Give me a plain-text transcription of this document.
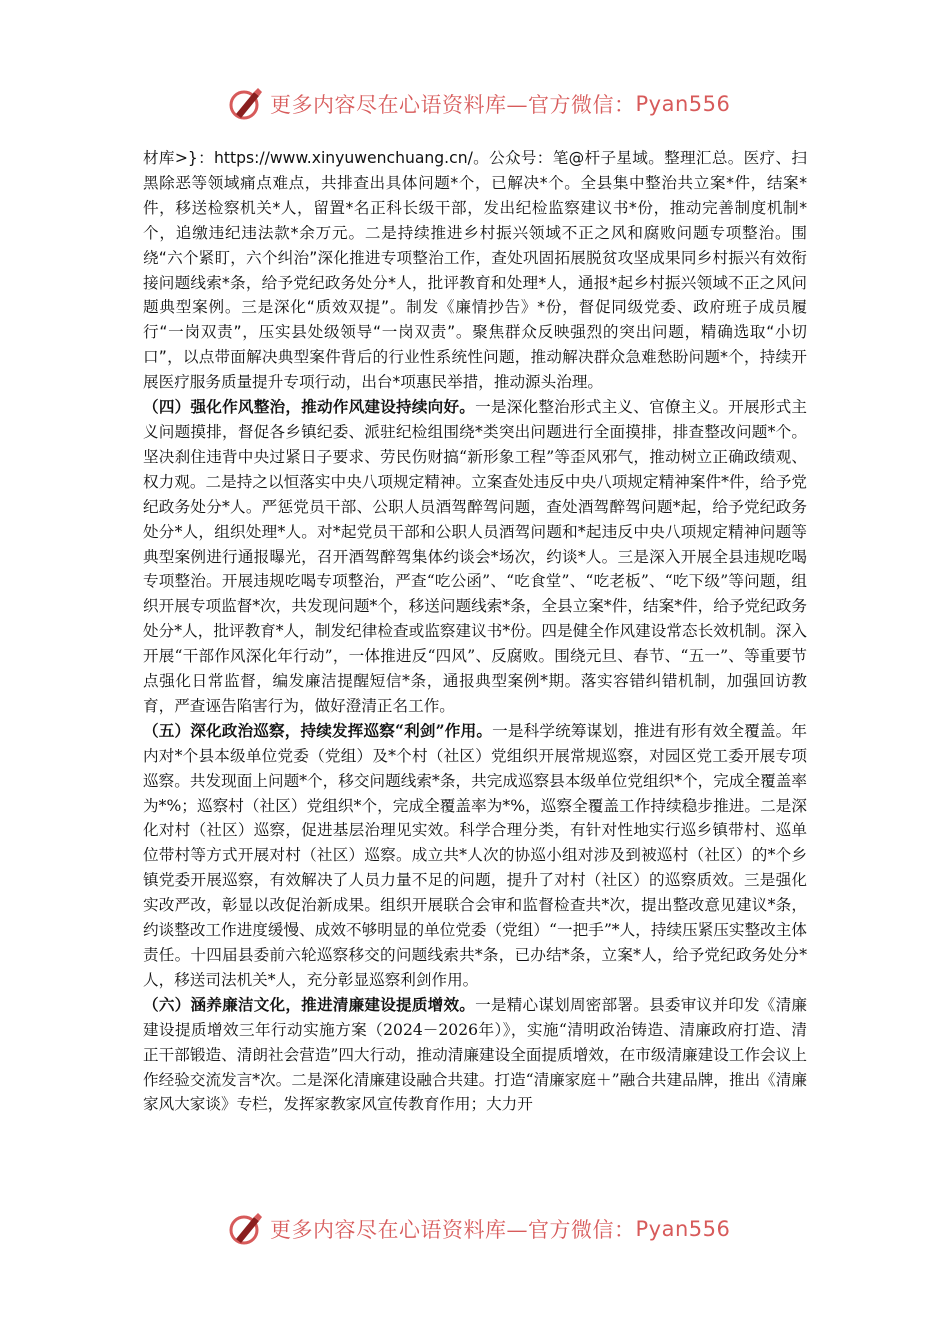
更多内容尽在心语资料库—官方微信： Pyan556

材库>}：https://www.xinyuwenchuang.cn/。公众号：笔@杆子星域。整理汇总。医疗、扫黑除恶等领域痛点难点，共排查出具体问题*个，已解决*个。全县集中整治共立案*件，结案*件，移送检察机关*人，留置*名正科长级干部，发出纪检监察建议书*份，推动完善制度机制*个，追缴违纪违法款*余万元。二是持续推进乡村振兴领域不正之风和腐败问题专项整治。围绕“六个紧盯，六个纠治”深化推进专项整治工作，查处巩固拓展脱贫攻坚成果同乡村振兴有效衔接问题线索*条，给予党纪政务处分*人，批评教育和处理*人，通报*起乡村振兴领域不正之风问题典型案例。三是深化“质效双提”。制发《廉情抄告》*份，督促同级党委、政府班子成员履行“一岗双责”，压实县处级领导“一岗双责”。聚焦群众反映强烈的突出问题，精确选取“小切口”，以点带面解决典型案件背后的行业性系统性问题，推动解决群众急难愁盼问题*个，持续开展医疗服务质量提升专项行动，出台*项惠民举措，推动源头治理。

（四）强化作风整治，推动作风建设持续向好。一是深化整治形式主义、官僚主义。开展形式主义问题摸排，督促各乡镇纪委、派驻纪检组围绕*类突出问题进行全面摸排，排查整改问题*个。坚决刹住违背中央过紧日子要求、劳民伤财搞“新形象工程”等歪风邪气，推动树立正确政绩观、权力观。二是持之以恒落实中央八项规定精神。立案查处违反中央八项规定精神案件*件，给予党纪政务处分*人。严惩党员干部、公职人员酒驾醉驾问题，查处酒驾醉驾问题*起，给予党纪政务处分*人，组织处理*人。对*起党员干部和公职人员酒驾问题和*起违反中央八项规定精神问题等典型案例进行通报曝光，召开酒驾醉驾集体约谈会*场次，约谈*人。三是深入开展全县违规吃喝专项整治。开展违规吃喝专项整治，严查“吃公函”、“吃食堂”、“吃老板”、“吃下级”等问题，组织开展专项监督*次，共发现问题*个，移送问题线索*条，全县立案*件，结案*件，给予党纪政务处分*人，批评教育*人，制发纪律检查或监察建议书*份。四是健全作风建设常态长效机制。深入开展“干部作风深化年行动”，一体推进反“四风”、反腐败。围绕元旦、春节、“五一”、等重要节点强化日常监督，编发廉洁提醒短信*条，通报典型案例*期。落实容错纠错机制，加强回访教育，严查诬告陷害行为，做好澄清正名工作。

（五）深化政治巡察，持续发挥巡察“利剑”作用。一是科学统筹谋划，推进有形有效全覆盖。年内对*个县本级单位党委（党组）及*个村（社区）党组织开展常规巡察，对园区党工委开展专项巡察。共发现面上问题*个，移交问题线索*条，共完成巡察县本级单位党组织*个，完成全覆盖率为*%；巡察村（社区）党组织*个，完成全覆盖率为*%，巡察全覆盖工作持续稳步推进。二是深化对村（社区）巡察，促进基层治理见实效。科学合理分类，有针对性地实行巡乡镇带村、巡单位带村等方式开展对村（社区）巡察。成立共*人次的协巡小组对涉及到被巡村（社区）的*个乡镇党委开展巡察，有效解决了人员力量不足的问题，提升了对村（社区）的巡察质效。三是强化实改严改，彰显以改促治新成果。组织开展联合会审和监督检查共*次，提出整改意见建议*条，约谈整改工作进度缓慢、成效不够明显的单位党委（党组）“一把手”*人，持续压紧压实整改主体责任。十四届县委前六轮巡察移交的问题线索共*条，已办结*条，立案*人，给予党纪政务处分*人，移送司法机关*人，充分彰显巡察利剑作用。

（六）涵养廉洁文化，推进清廉建设提质增效。一是精心谋划周密部署。县委审议并印发《清廉建设提质增效三年行动实施方案（2024－2026年）》，实施“清明政治铸造、清廉政府打造、清正干部锻造、清朗社会营造”四大行动，推动清廉建设全面提质增效，在市级清廉建设工作会议上作经验交流发言*次。二是深化清廉建设融合共建。打造“清廉家庭＋”融合共建品牌，推出《清廉家风大家谈》专栏，发挥家教家风宣传教育作用；大力开

更多内容尽在心语资料库—官方微信： Pyan556
